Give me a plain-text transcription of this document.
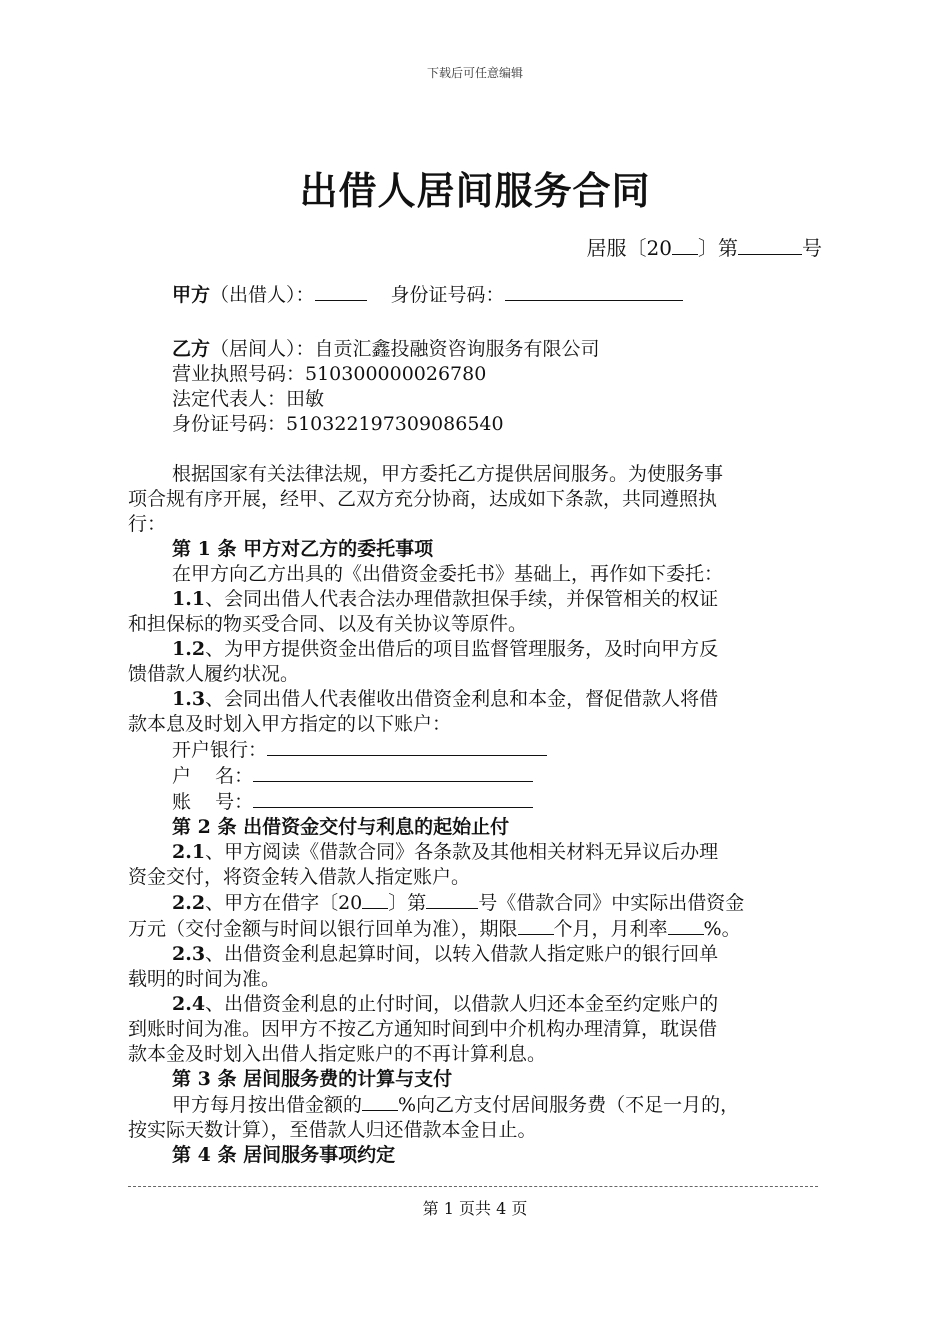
下载后可任意编辑
出借人居间服务合同
居服〔20 〕第	号
甲方（出借人）：	身份证号码：
乙方（居间人）：自贡汇鑫投融资咨询服务有限公司
营业执照号码：510300000026780
法定代表人：田敏
身份证号码：510322197309086540
根据国家有关法律法规，甲方委托乙方提供居间服务。为使服务事
项合规有序开展，经甲、乙双方充分协商，达成如下条款，共同遵照执
行：
第 1 条 甲方对乙方的委托事项
在甲方向乙方出具的《出借资金委托书》基础上，再作如下委托：
1.1、会同出借人代表合法办理借款担保手续，并保管相关的权证
和担保标的物买受合同、以及有关协议等原件。
1.2、为甲方提供资金出借后的项目监督管理服务，及时向甲方反
馈借款人履约状况。
1.3、会同出借人代表催收出借资金利息和本金，督促借款人将借
款本息及时划入甲方指定的以下账户：
开户银行：
户    名：
账    号：
第 2 条 出借资金交付与利息的起始止付
2.1、甲方阅读《借款合同》各条款及其他相关材料无异议后办理
资金交付，将资金转入借款人指定账户。
2.2、甲方在借字〔20 〕第	号《借款合同》中实际出借资金
万元（交付金额与时间以银行回单为准），期限 个月，月利率 %。
2.3、出借资金利息起算时间，以转入借款人指定账户的银行回单
载明的时间为准。
2.4、出借资金利息的止付时间，以借款人归还本金至约定账户的
到账时间为准。因甲方不按乙方通知时间到中介机构办理清算，耽误借
款本金及时划入出借人指定账户的不再计算利息。
第 3 条 居间服务费的计算与支付
甲方每月按出借金额的 %向乙方支付居间服务费（不足一月的，
按实际天数计算），至借款人归还借款本金日止。
第 4 条 居间服务事项约定
第 1 页共 4 页
